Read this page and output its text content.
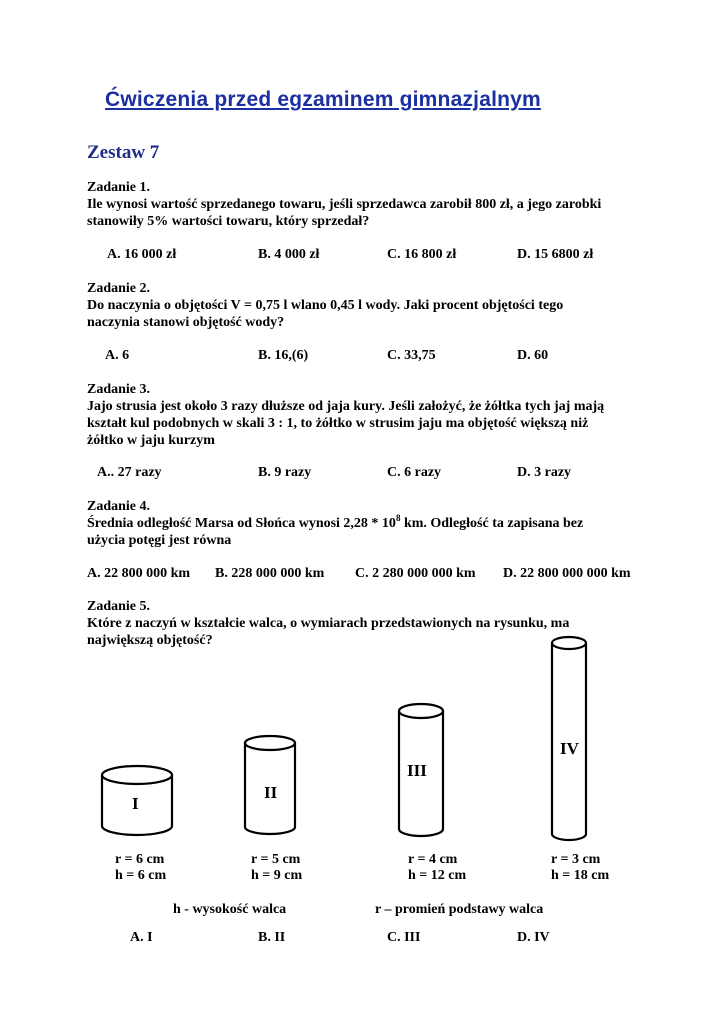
Ćwiczenia przed egzaminem gimnazjalnym
Zestaw 7
Zadanie 1.
Ile wynosi wartość sprzedanego towaru, jeśli sprzedawca zarobił 800 zł, a jego zarobki
stanowiły 5% wartości towaru, który sprzedał?
A. 16 000 zł	B. 4 000 zł	C. 16 800 zł	D. 15 6800 zł
Zadanie 2.
Do naczynia o objętości V = 0,75 l wlano 0,45 l wody. Jaki procent objętości tego
naczynia stanowi objętość wody?
A. 6	B. 16,(6)	C. 33,75	D. 60
Zadanie 3.
Jajo strusia jest około 3 razy dłuższe od jaja kury. Jeśli założyć, że żółtka tych jaj mają
kształt kul podobnych w skali 3 : 1, to żółtko w strusim jaju ma objętość większą niż
żółtko w jaju kurzym
A.. 27 razy	B. 9 razy	C. 6 razy	D. 3 razy
Zadanie 4.
Średnia odległość Marsa od Słońca wynosi $2,28 * 10^8$ km. Odległość ta zapisana bez
użycia potęgi jest równa
A. 22 800 000 km B. 228 000 000 km C. 2 280 000 000 km D. 22 800 000 000 km
Zadanie 5.
Które z naczyń w kształcie walca, o wymiarach przedstawionych na rysunku, ma
największą objętość?
I
II
III
IV
r = 6 cm
h = 6 cm
r = 5 cm
h = 9 cm
r = 4 cm
h = 12 cm
r = 3 cm
h = 18 cm
h - wysokość walca	r – promień podstawy walca
A. I	B. II	C. III	D. IV
